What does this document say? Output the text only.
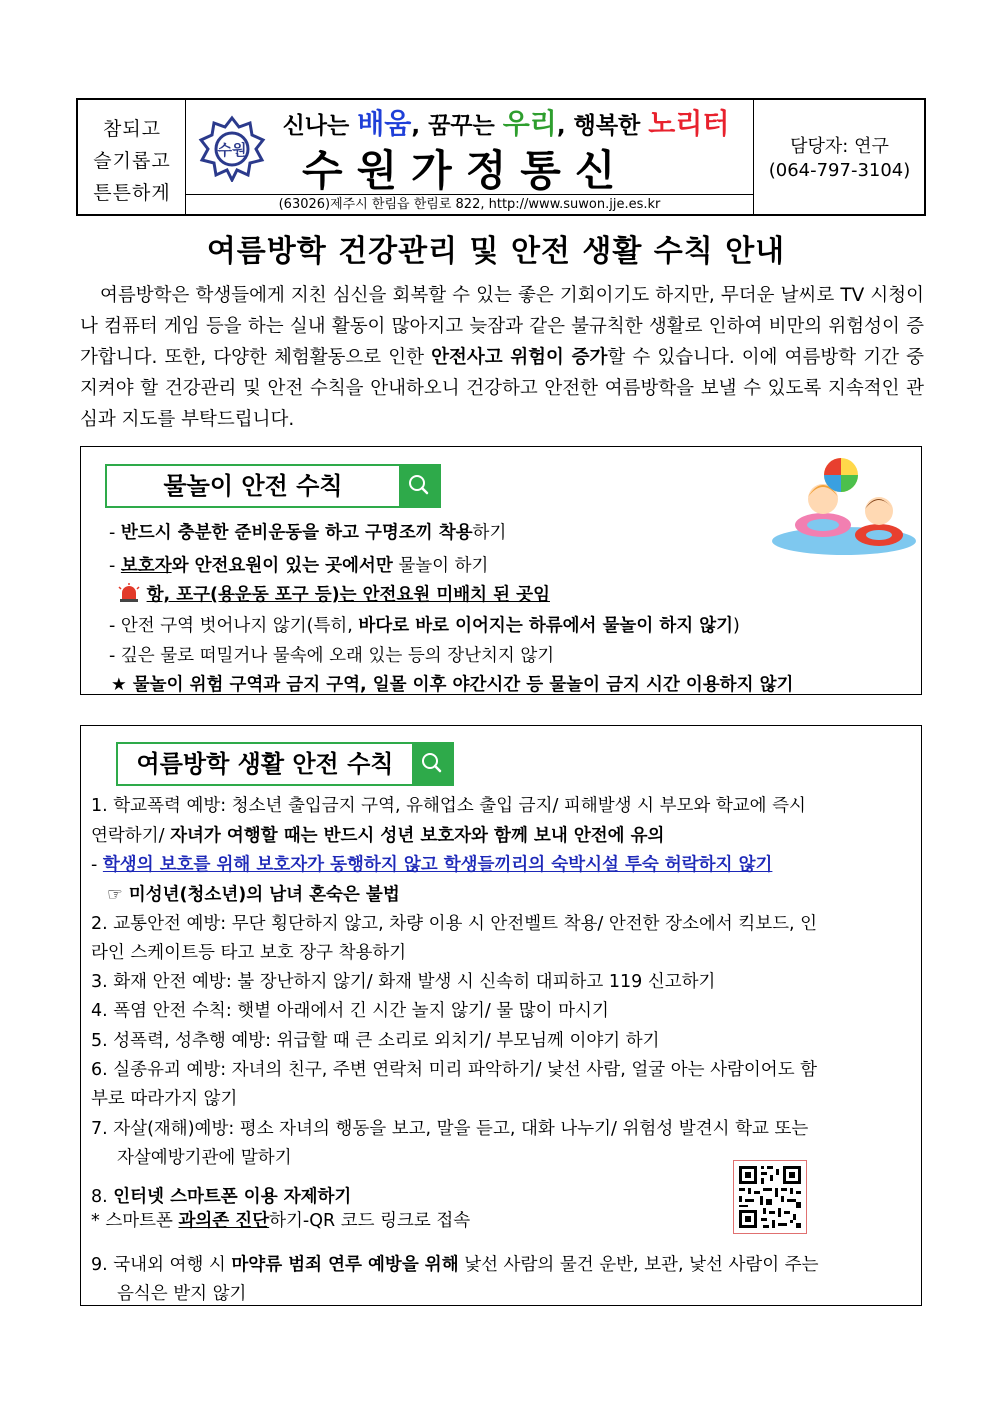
참되고
슬기롭고
튼튼하게
수원
신나는 배움, 꿈꾸는 우리, 행복한 노리터
수원가정통신
(63026)제주시 한림읍 한림로 822, http://www.suwon.jje.es.kr
담당자: 연구
(064-797-3104)
여름방학 건강관리 및 안전 생활 수칙 안내

여름방학은 학생들에게 지친 심신을 회복할 수 있는 좋은 기회이기도 하지만, 무더운 날씨로 TV 시청이나 컴퓨터 게임 등을 하는 실내 활동이 많아지고 늦잠과 같은 불규칙한 생활로 인하여 비만의 위험성이 증가합니다. 또한, 다양한 체험활동으로 인한 안전사고 위험이 증가할 수 있습니다. 이에 여름방학 기간 중 지켜야 할 건강관리 및 안전 수칙을 안내하오니 건강하고 안전한 여름방학을 보낼 수 있도록 지속적인 관심과 지도를 부탁드립니다.

물놀이 안전 수칙
- 반드시 충분한 준비운동을 하고 구명조끼 착용하기
- 보호자와 안전요원이 있는 곳에서만 물놀이 하기
항, 포구(용운동 포구 등)는 안전요원 미배치 된 곳임
- 안전 구역 벗어나지 않기(특히, 바다로 바로 이어지는 하류에서 물놀이 하지 않기)
- 깊은 물로 떠밀거나 물속에 오래 있는 등의 장난치지 않기
★ 물놀이 위험 구역과 금지 구역, 일몰 이후 야간시간 등 물놀이 금지 시간 이용하지 않기
여름방학 생활 안전 수칙
1. 학교폭력 예방: 청소년 출입금지 구역, 유해업소 출입 금지/ 피해발생 시 부모와 학교에 즉시
연락하기/ 자녀가 여행할 때는 반드시 성년 보호자와 함께 보내 안전에 유의
- 학생의 보호를 위해 보호자가 동행하지 않고 학생들끼리의 숙박시설 투숙 허락하지 않기
☞ 미성년(청소년)의 남녀 혼숙은 불법
2. 교통안전 예방: 무단 횡단하지 않고, 차량 이용 시 안전벨트 착용/ 안전한 장소에서 킥보드, 인
라인 스케이트등 타고 보호 장구 착용하기
3. 화재 안전 예방: 불 장난하지 않기/ 화재 발생 시 신속히 대피하고 119 신고하기
4. 폭염 안전 수칙: 햇볕 아래에서 긴 시간 놀지 않기/ 물 많이 마시기
5. 성폭력, 성추행 예방: 위급할 때 큰 소리로 외치기/ 부모님께 이야기 하기
6. 실종유괴 예방: 자녀의 친구, 주변 연락처 미리 파악하기/ 낯선 사람, 얼굴 아는 사람이어도 함
부로 따라가지 않기
7. 자살(재해)예방: 평소 자녀의 행동을 보고, 말을 듣고, 대화 나누기/ 위험성 발견시 학교 또는
자살예방기관에 말하기
8. 인터넷 스마트폰 이용 자제하기
* 스마트폰 과의존 진단하기-QR 코드 링크로 접속
9. 국내외 여행 시 마약류 범죄 연루 예방을 위해 낯선 사람의 물건 운반, 보관, 낯선 사람이 주는
음식은 받지 않기
